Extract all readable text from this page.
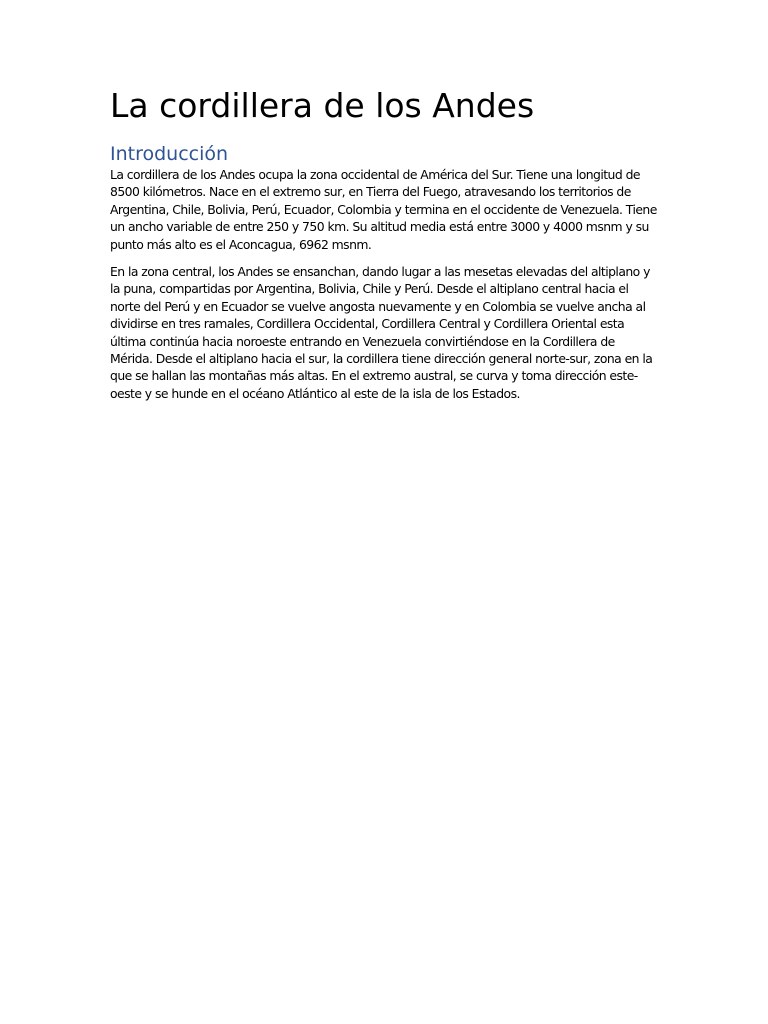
La cordillera de los Andes
Introducción

La cordillera de los Andes ocupa la zona occidental de América del Sur. Tiene una longitud de 8500 kilómetros. Nace en el extremo sur, en Tierra del Fuego, atravesando los territorios de Argentina, Chile, Bolivia, Perú, Ecuador, Colombia y termina en el occidente de Venezuela. Tiene un ancho variable de entre 250 y 750 km. Su altitud media está entre 3000 y 4000 msnm y su punto más alto es el Aconcagua, 6962 msnm.

En la zona central, los Andes se ensanchan, dando lugar a las mesetas elevadas del altiplano y la puna, compartidas por Argentina, Bolivia, Chile y Perú. Desde el altiplano central hacia el norte del Perú y en Ecuador se vuelve angosta nuevamente y en Colombia se vuelve ancha al dividirse en tres ramales, Cordillera Occidental, Cordillera Central y Cordillera Oriental esta última continúa hacia noroeste entrando en Venezuela convirtiéndose en la Cordillera de Mérida. Desde el altiplano hacia el sur, la cordillera tiene dirección general norte-sur, zona en la que se hallan las montañas más altas. En el extremo austral, se curva y toma dirección este-oeste y se hunde en el océano Atlántico al este de la isla de los Estados.
